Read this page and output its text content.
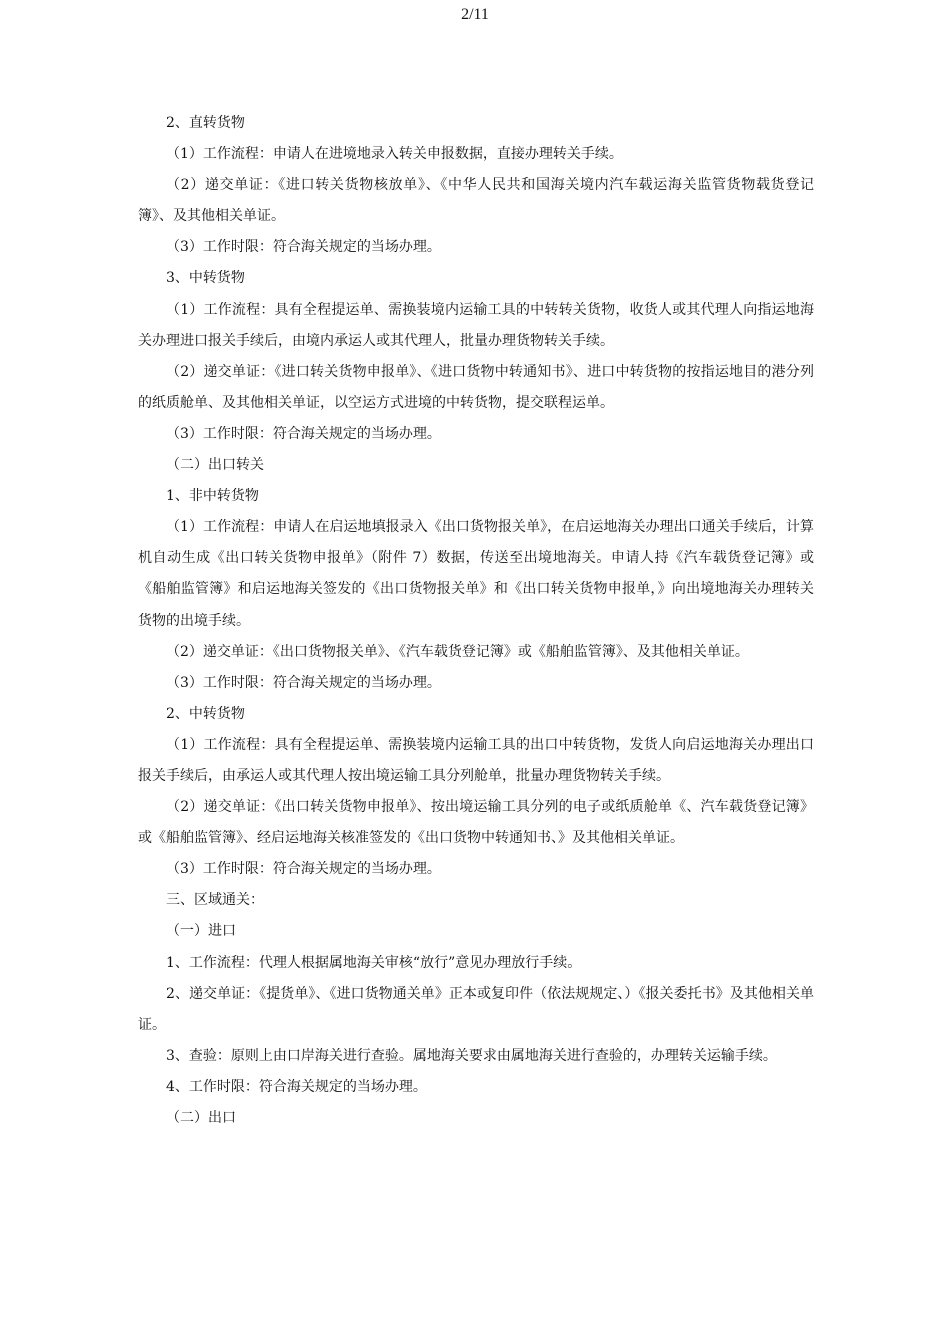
2/11

2、直转货物

（1）工作流程：申请人在进境地录入转关申报数据，直接办理转关手续。

（2）递交单证：《进口转关货物核放单》、《中华人民共和国海关境内汽车载运海关监管货物载货登记簿》、及其他相关单证。

（3）工作时限：符合海关规定的当场办理。

3、中转货物

（1）工作流程：具有全程提运单、需换装境内运输工具的中转转关货物，收货人或其代理人向指运地海关办理进口报关手续后，由境内承运人或其代理人，批量办理货物转关手续。

（2）递交单证：《进口转关货物申报单》、《进口货物中转通知书》、进口中转货物的按指运地目的港分列的纸质舱单、及其他相关单证，以空运方式进境的中转货物，提交联程运单。

（3）工作时限：符合海关规定的当场办理。

（二）出口转关

1、非中转货物

（1）工作流程：申请人在启运地填报录入《出口货物报关单》，在启运地海关办理出口通关手续后，计算机自动生成《出口转关货物申报单》（附件 7）数据，传送至出境地海关。申请人持《汽车载货登记簿》或《船舶监管簿》和启运地海关签发的《出口货物报关单》和《出口转关货物申报单，》向出境地海关办理转关货物的出境手续。

（2）递交单证：《出口货物报关单》、《汽车载货登记簿》或《船舶监管簿》、及其他相关单证。

（3）工作时限：符合海关规定的当场办理。

2、中转货物

（1）工作流程：具有全程提运单、需换装境内运输工具的出口中转货物，发货人向启运地海关办理出口报关手续后，由承运人或其代理人按出境运输工具分列舱单，批量办理货物转关手续。

（2）递交单证：《出口转关货物申报单》、按出境运输工具分列的电子或纸质舱单《、汽车载货登记簿》或《船舶监管簿》、经启运地海关核准签发的《出口货物中转通知书、》及其他相关单证。

（3）工作时限：符合海关规定的当场办理。

三、区域通关：

（一）进口

1、工作流程：代理人根据属地海关审核“放行”意见办理放行手续。

2、递交单证：《提货单》、《进口货物通关单》正本或复印件（依法规规定、）《报关委托书》及其他相关单证。

3、查验：原则上由口岸海关进行查验。属地海关要求由属地海关进行查验的，办理转关运输手续。

4、工作时限：符合海关规定的当场办理。

（二）出口
